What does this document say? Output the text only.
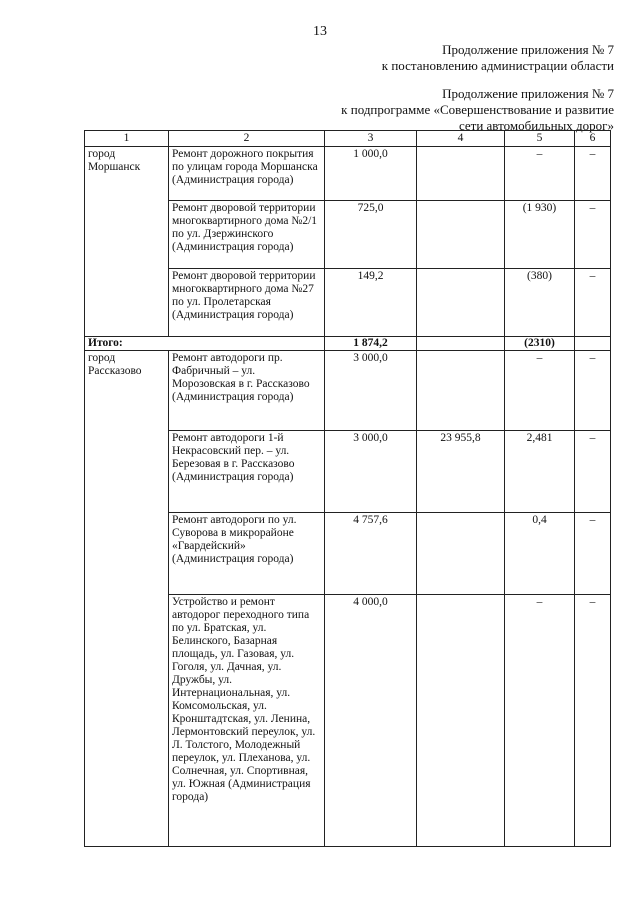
13
Продолжение приложения № 7
к постановлению администрации области
Продолжение приложения № 7
к подпрограмме «Совершенствование и развитие
сети автомобильных дорог»
1	2	3	4	5	6
город Моршанск	Ремонт дорожного покрытия по улицам города Моршанска (Администрация города)	1 000,0		–	–
	Ремонт дворовой территории многоквартирного дома №2/1 по ул. Дзержинского (Администрация города)	725,0		(1 930)	–
	Ремонт дворовой территории многоквартирного дома №27 по ул. Пролетарская (Администрация города)	149,2		(380)	–
Итого:		1 874,2		(2310)	
город Рассказово	Ремонт автодороги пр. Фабричный – ул. Морозовская в г. Рассказово (Администрация города)	3 000,0		–	–
	Ремонт автодороги 1-й Некрасовский пер. – ул. Березовая в г. Рассказово (Администрация города)	3 000,0	23 955,8	2,481	–
	Ремонт автодороги по ул. Суворова в микрорайоне «Гвардейский» (Администрация города)	4 757,6		0,4	–
	Устройство и ремонт автодорог переходного типа по ул. Братская, ул. Белинского, Базарная площадь, ул. Газовая, ул. Гоголя, ул. Дачная, ул. Дружбы, ул. Интернациональная, ул. Комсомольская, ул. Кронштадтская, ул. Ленина, Лермонтовский переулок, ул. Л. Толстого, Молодежный переулок, ул. Плеханова, ул. Солнечная, ул. Спортивная, ул. Южная (Администрация города)	4 000,0		–	–
